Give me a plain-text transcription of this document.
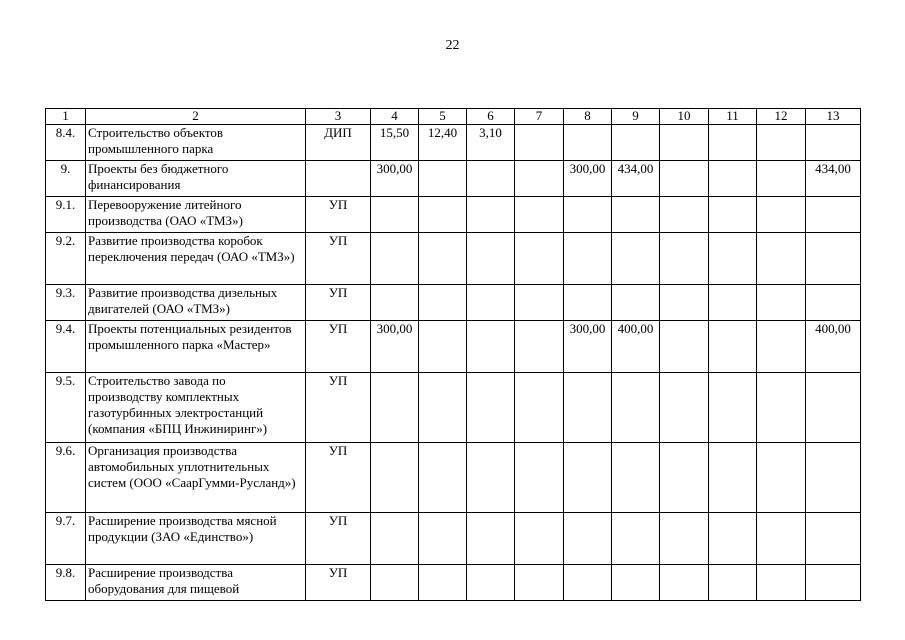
22
1	2	3	4	5	6	7	8	9	10	11	12	13
8.4.	Строительство объектов промышленного парка	ДИП	15,50	12,40	3,10							
9.	Проекты без бюджетного финансирования		300,00				300,00	434,00				434,00
9.1.	Перевооружение литейного производства (ОАО «ТМЗ»)	УП										
9.2.	Развитие производства коробок переключения передач (ОАО «ТМЗ»)	УП										
9.3.	Развитие производства дизельных двигателей (ОАО «ТМЗ»)	УП										
9.4.	Проекты потенциальных резидентов промышленного парка «Мастер»	УП	300,00				300,00	400,00				400,00
9.5.	Строительство завода по производству комплектных газотурбинных электростанций (компания «БПЦ Инжиниринг»)	УП										
9.6.	Организация производства автомобильных уплотнительных систем (ООО «СаарГумми-Русланд»)	УП										
9.7.	Расширение производства мясной продукции (ЗАО «Единство»)	УП										
9.8.	Расширение производства оборудования для пищевой	УП										
